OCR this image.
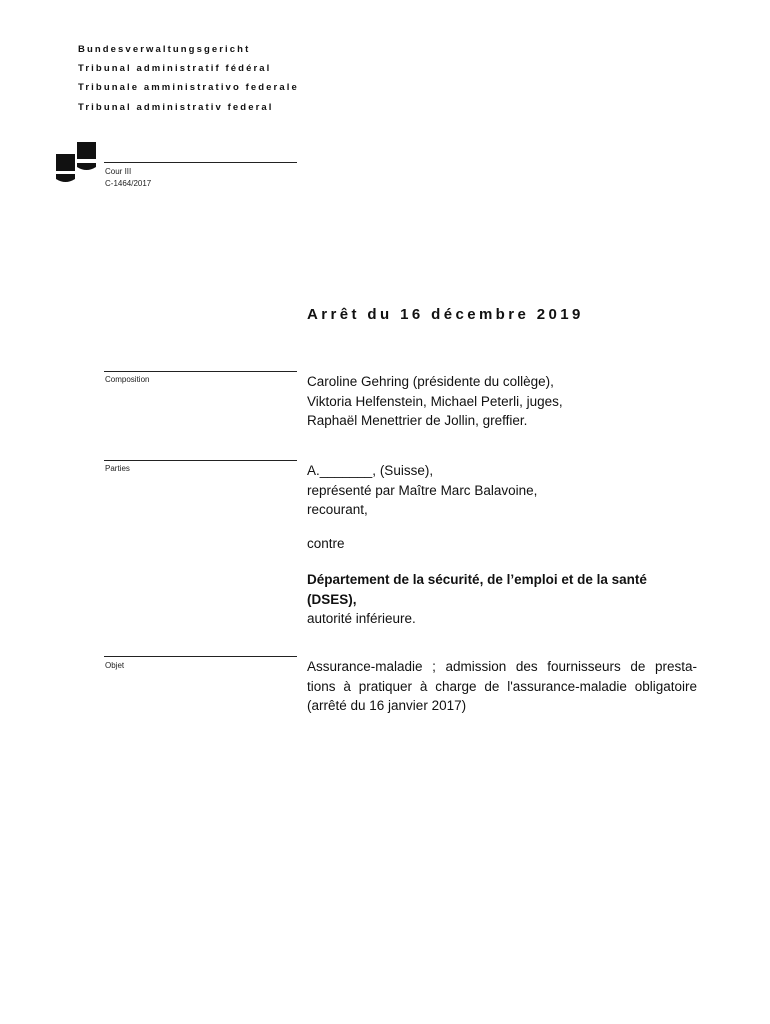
Bundesverwaltungsgericht
Tribunal administratif fédéral
Tribunale amministrativo federale
Tribunal administrativ federal
Cour III
C-1464/2017
Arrêt du 16 décembre 2019
Composition	Caroline Gehring (présidente du collège),
Viktoria Helfenstein, Michael Peterli, juges,
Raphaël Menettrier de Jollin, greffier.
Parties	A._______, (Suisse),
représenté par Maître Marc Balavoine,
recourant,
contre
Département de la sécurité, de l’emploi et de la santé
(DSES),
autorité inférieure.
Objet	Assurance-maladie ; admission des fournisseurs de presta-
tions à pratiquer à charge de l'assurance-maladie obligatoire
(arrêté du 16 janvier 2017)
